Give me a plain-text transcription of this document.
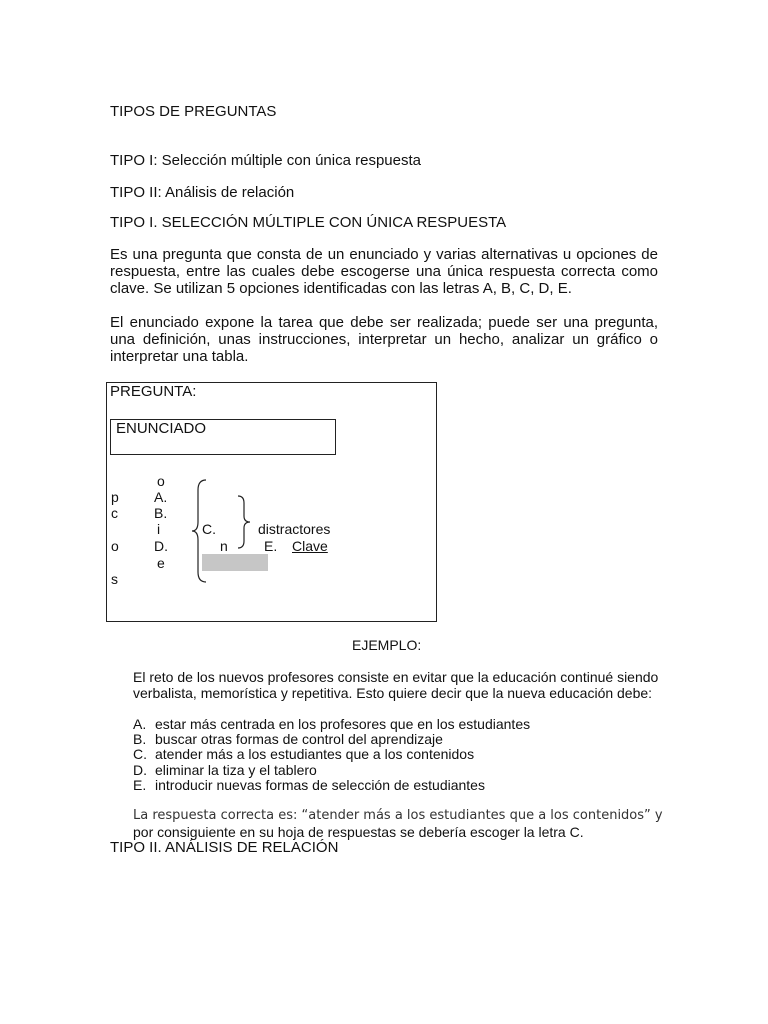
TIPOS DE PREGUNTAS
TIPO I: Selección múltiple con única respuesta
TIPO II: Análisis de relación
TIPO I. SELECCIÓN MÚLTIPLE CON ÚNICA RESPUESTA
Es una pregunta que consta de un enunciado y varias alternativas u opciones de
respuesta, entre las cuales debe escogerse una única respuesta correcta como
clave. Se utilizan 5 opciones identificadas con las letras A, B, C, D, E.
El enunciado expone la tarea que debe ser realizada; puede ser una pregunta,
una definición, unas instrucciones, interpretar un hecho, analizar un gráfico o
interpretar una tabla.
PREGUNTA:
ENUNCIADO
o
p
c
i
o	n
e
s
A.
B.
C.
D.	E.
distractores
Clave
EJEMPLO:
El reto de los nuevos profesores consiste en evitar que la educación continué siendo
verbalista, memorística y repetitiva. Esto quiere decir que la nueva educación debe:
A. estar más centrada en los profesores que en los estudiantes
B. buscar otras formas de control del aprendizaje
C. atender más a los estudiantes que a los contenidos
D. eliminar la tiza y el tablero
E. introducir nuevas formas de selección de estudiantes
La respuesta correcta es: “atender más a los estudiantes que a los contenidos” y
por consiguiente en su hoja de respuestas se debería escoger la letra C.
TIPO II. ANÁLISIS DE RELACIÓN
